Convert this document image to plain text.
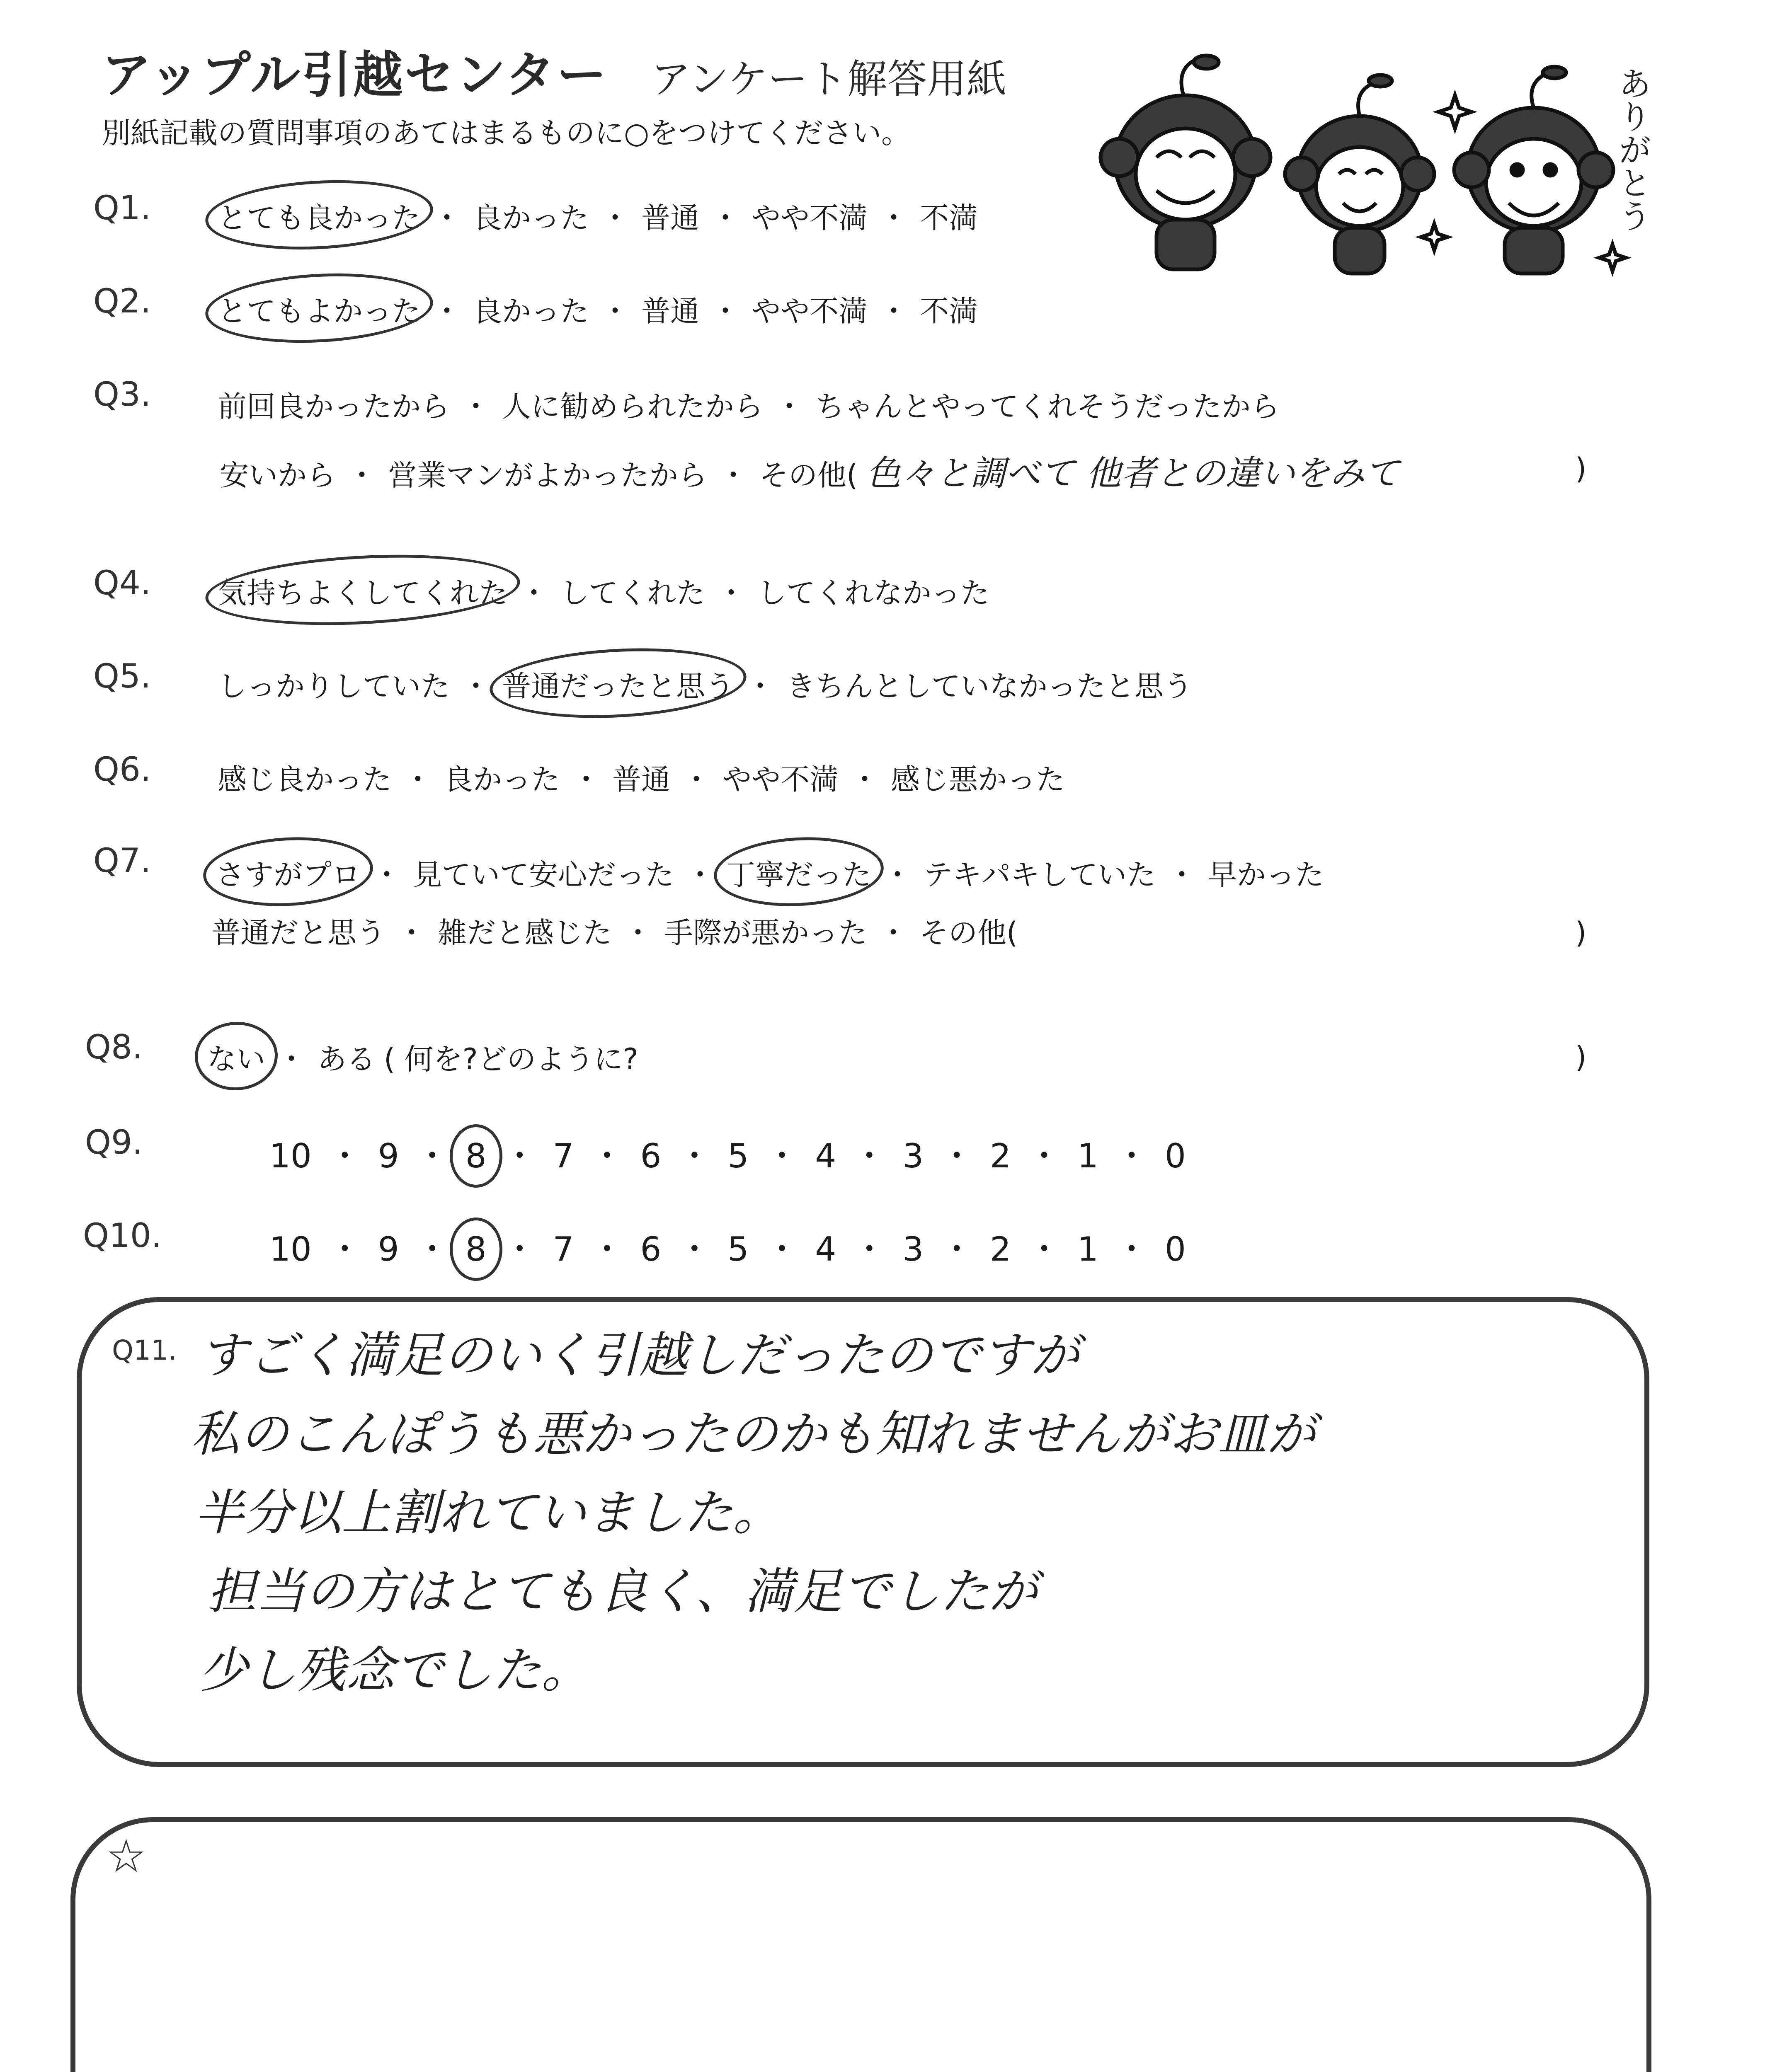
アップル引越センター アンケート解答用紙
別紙記載の質問事項のあてはまるものに○をつけてください。	ありがとう
Q1. とても良かった ・ 良かった ・ 普通 ・ やや不満 ・ 不満
Q2. とてもよかった ・ 良かった ・ 普通 ・ やや不満 ・ 不満
Q3. 前回良かったから ・ 人に勧められたから ・ ちゃんとやってくれそうだったから
安いから ・ 営業マンがよかったから ・ その他( 色々と調べて 他者との違いをみて	)
Q4. 気持ちよくしてくれた ・ してくれた ・ してくれなかった
Q5. しっかりしていた ・ 普通だったと思う ・ きちんとしていなかったと思う
Q6. 感じ良かった ・ 良かった ・ 普通 ・ やや不満 ・ 感じ悪かった
Q7. さすがプロ ・ 見ていて安心だった ・ 丁寧だった ・ テキパキしていた ・ 早かった
普通だと思う ・ 雑だと感じた ・ 手際が悪かった ・ その他(	)
Q8. ない ・ ある ( 何を?どのように?	)
Q9.	10 ・ 9 ・ 8 ・ 7 ・ 6 ・ 5 ・ 4 ・ 3 ・ 2 ・ 1 ・ 0
Q10.	10 ・ 9 ・ 8 ・ 7 ・ 6 ・ 5 ・ 4 ・ 3 ・ 2 ・ 1 ・ 0
Q11. すごく満足のいく引越しだったのですが
私のこんぽうも悪かったのかも知れませんがお皿が
半分以上割れていました。
担当の方はとても良く、満足でしたが
少し残念でした。
☆
